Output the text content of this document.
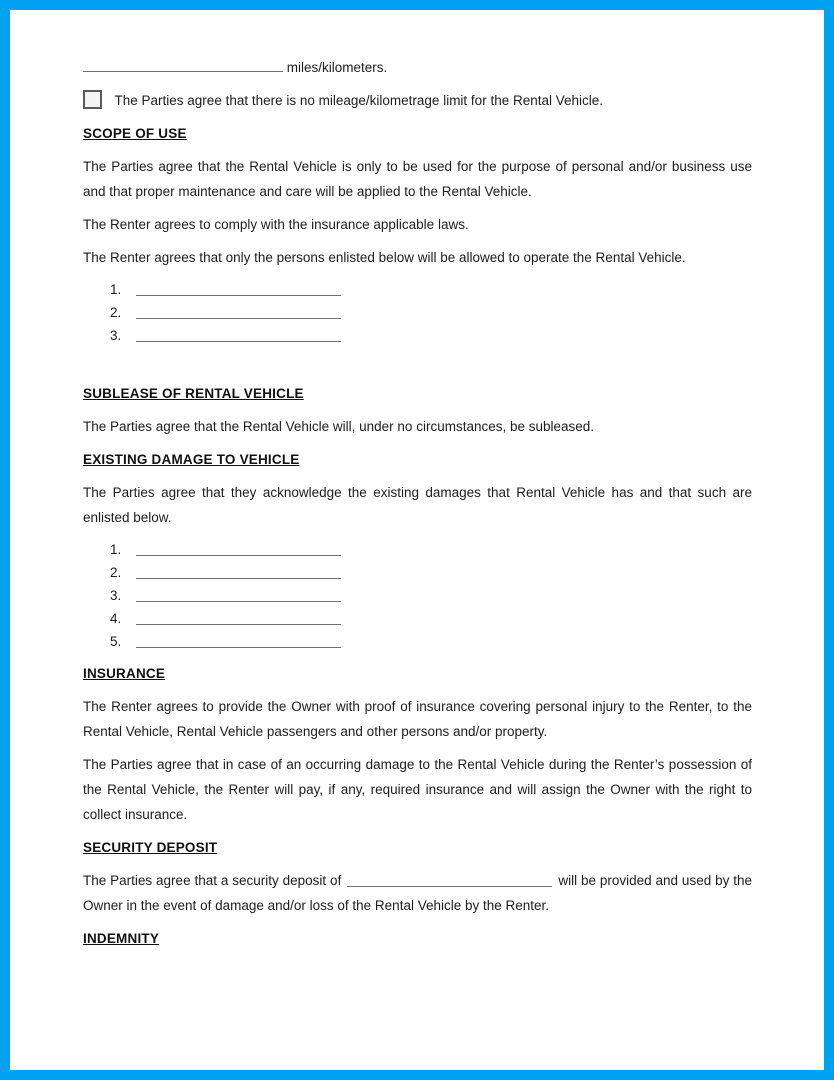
miles/kilometers.
The Parties agree that there is no mileage/kilometrage limit for the Rental Vehicle.
SCOPE OF USE

The Parties agree that the Rental Vehicle is only to be used for the purpose of personal and/or business use and that proper maintenance and care will be applied to the Rental Vehicle.

The Renter agrees to comply with the insurance applicable laws.

The Renter agrees that only the persons enlisted below will be allowed to operate the Rental Vehicle.

1.
2.
3.
SUBLEASE OF RENTAL VEHICLE

The Parties agree that the Rental Vehicle will, under no circumstances, be subleased.

EXISTING DAMAGE TO VEHICLE

The Parties agree that they acknowledge the existing damages that Rental Vehicle has and that such are enlisted below.

1.
2.
3.
4.
5.
INSURANCE

The Renter agrees to provide the Owner with proof of insurance covering personal injury to the Renter, to the Rental Vehicle, Rental Vehicle passengers and other persons and/or property.

The Parties agree that in case of an occurring damage to the Rental Vehicle during the Renter’s possession of the Rental Vehicle, the Renter will pay, if any, required insurance and will assign the Owner with the right to collect insurance.

SECURITY DEPOSIT

The Parties agree that a security deposit of	will be provided and used by the Owner in the event of damage and/or loss of the Rental Vehicle by the Renter.

INDEMNITY
